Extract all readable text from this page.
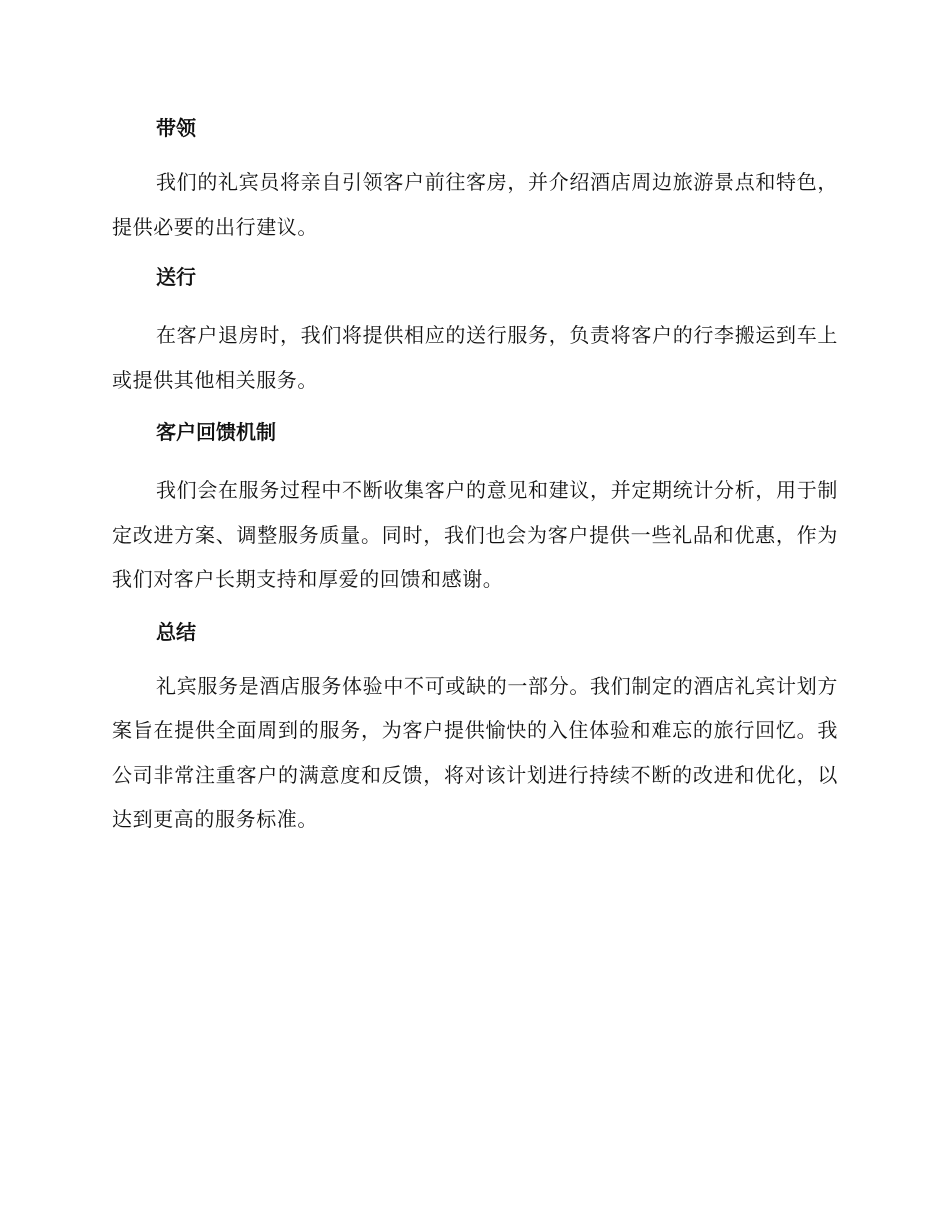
带领

我们的礼宾员将亲自引领客户前往客房，并介绍酒店周边旅游景点和特色，提供必要的出行建议。

送行

在客户退房时，我们将提供相应的送行服务，负责将客户的行李搬运到车上或提供其他相关服务。

客户回馈机制

我们会在服务过程中不断收集客户的意见和建议，并定期统计分析，用于制定改进方案、调整服务质量。同时，我们也会为客户提供一些礼品和优惠，作为我们对客户长期支持和厚爱的回馈和感谢。

总结

礼宾服务是酒店服务体验中不可或缺的一部分。我们制定的酒店礼宾计划方案旨在提供全面周到的服务，为客户提供愉快的入住体验和难忘的旅行回忆。我公司非常注重客户的满意度和反馈，将对该计划进行持续不断的改进和优化，以达到更高的服务标准。
